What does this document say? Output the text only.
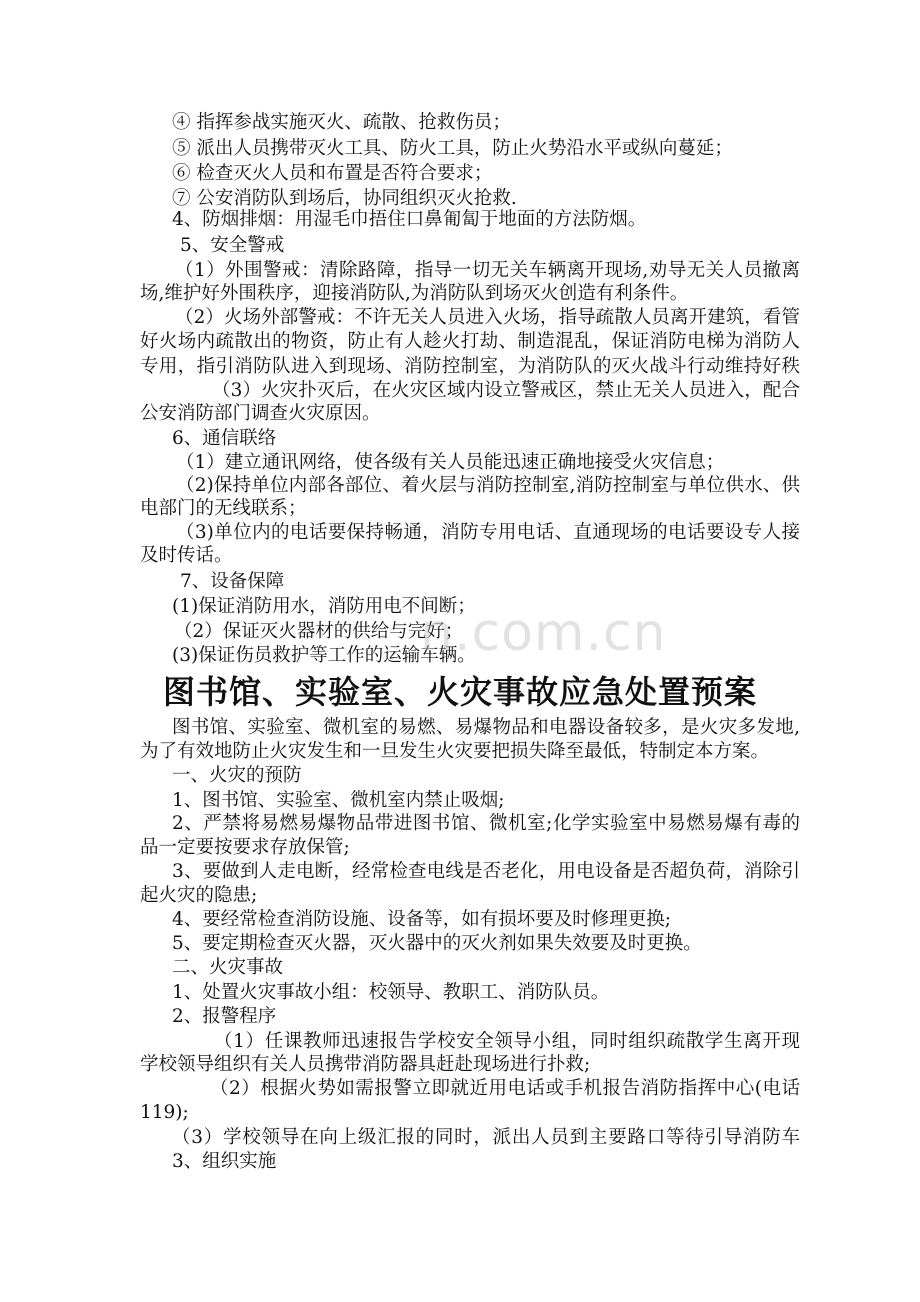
④ 指挥参战实施灭火、疏散、抢救伤员；
⑤ 派出人员携带灭火工具、防火工具，防止火势沿水平或纵向蔓延；
⑥ 检查灭火人员和布置是否符合要求；
⑦ 公安消防队到场后，协同组织灭火抢救.
4、防烟排烟：用湿毛巾捂住口鼻匍匐于地面的方法防烟。
5、安全警戒
（1）外围警戒：清除路障，指导一切无关车辆离开现场,劝导无关人员撤离
场,维护好外围秩序，迎接消防队,为消防队到场灭火创造有利条件。
（2）火场外部警戒：不许无关人员进入火场，指导疏散人员离开建筑，看管
好火场内疏散出的物资，防止有人趁火打劫、制造混乱，保证消防电梯为消防人
专用，指引消防队进入到现场、消防控制室，为消防队的灭火战斗行动维持好秩
（3）火灾扑灭后，在火灾区域内设立警戒区，禁止无关人员进入，配合
公安消防部门调查火灾原因。
6、通信联络
（1）建立通讯网络，使各级有关人员能迅速正确地接受火灾信息；
（2)保持单位内部各部位、着火层与消防控制室,消防控制室与单位供水、供
电部门的无线联系；
（3)单位内的电话要保持畅通，消防专用电话、直通现场的电话要设专人接
及时传话。
7、设备保障
(1)保证消防用水，消防用电不间断；
（2）保证灭火器材的供给与完好；
(3)保证伤员救护等工作的运输车辆。
n.com.cn
图书馆、实验室、火灾事故应急处置预案
图书馆、实验室、微机室的易燃、易爆物品和电器设备较多，是火灾多发地,
为了有效地防止火灾发生和一旦发生火灾要把损失降至最低，特制定本方案。
一、火灾的预防
1、图书馆、实验室、微机室内禁止吸烟;
2、严禁将易燃易爆物品带进图书馆、微机室;化学实验室中易燃易爆有毒的
品一定要按要求存放保管;
3、要做到人走电断，经常检查电线是否老化，用电设备是否超负荷，消除引
起火灾的隐患;
4、要经常检查消防设施、设备等，如有损坏要及时修理更换;
5、要定期检查灭火器，灭火器中的灭火剂如果失效要及时更换。
二、火灾事故
1、处置火灾事故小组：校领导、教职工、消防队员。
2、报警程序
（1）任课教师迅速报告学校安全领导小组，同时组织疏散学生离开现
学校领导组织有关人员携带消防器具赶赴现场进行扑救;
（2）根据火势如需报警立即就近用电话或手机报告消防指挥中心(电话
119);
（3）学校领导在向上级汇报的同时，派出人员到主要路口等待引导消防车
3、组织实施
